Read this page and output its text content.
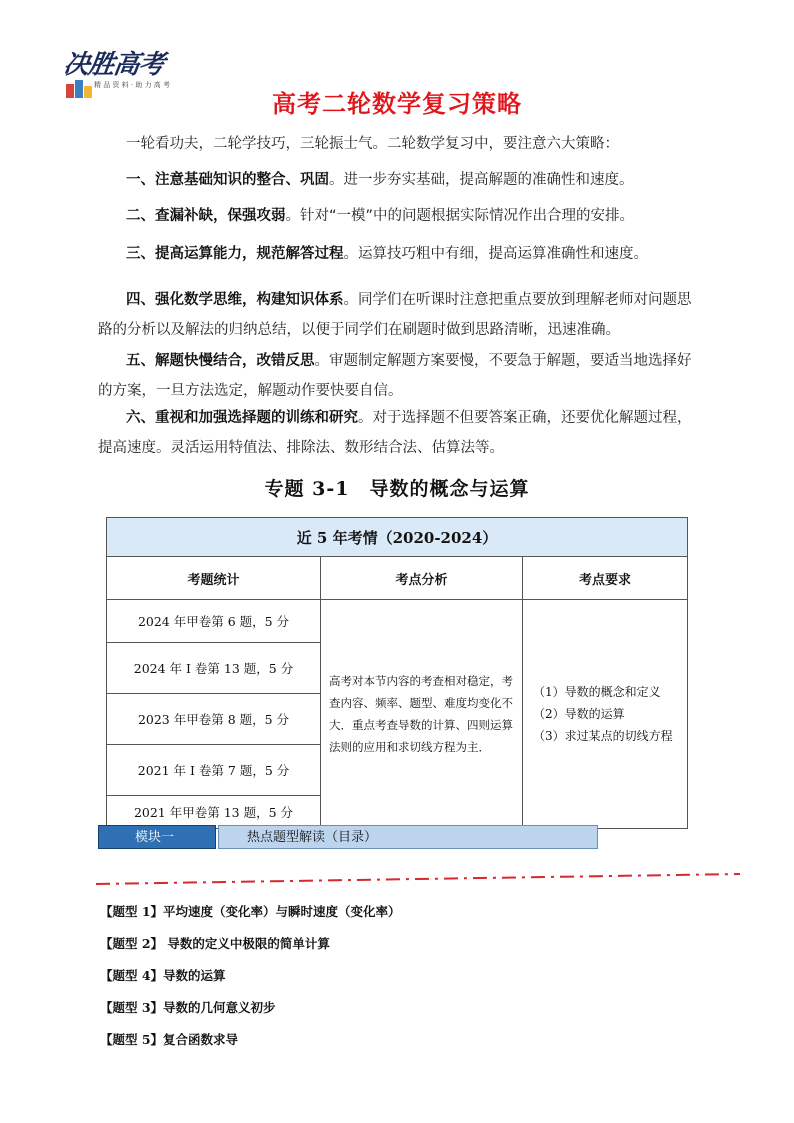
决胜高考
精 品 资 料 · 助 力 高 考
高考二轮数学复习策略
一轮看功夫，二轮学技巧，三轮振士气。二轮数学复习中，要注意六大策略：
一、注意基础知识的整合、巩固。进一步夯实基础，提高解题的准确性和速度。
二、查漏补缺，保强攻弱。针对“一模”中的问题根据实际情况作出合理的安排。
三、提高运算能力，规范解答过程。运算技巧粗中有细，提高运算准确性和速度。
四、强化数学思维，构建知识体系。同学们在听课时注意把重点要放到理解老师对问题思路的分析以及解法的归纳总结，以便于同学们在刷题时做到思路清晰，迅速准确。
五、解题快慢结合，改错反思。审题制定解题方案要慢，不要急于解题，要适当地选择好的方案，一旦方法选定，解题动作要快要自信。
六、重视和加强选择题的训练和研究。对于选择题不但要答案正确，还要优化解题过程，提高速度。灵活运用特值法、排除法、数形结合法、估算法等。
专题 3-1　导数的概念与运算
近 5 年考情（2020-2024）		
考题统计	考点分析	考点要求
2024 年甲卷第 6 题，5 分	高考对本节内容的考查相对稳定，考查内容、频率、题型、难度均变化不大．重点考查导数的计算、四则运算法则的应用和求切线方程为主．	（1）导数的概念和定义
（2）导数的运算
（3）求过某点的切线方程

2024 年 I 卷第 13 题，5 分		
2023 年甲卷第 8 题，5 分		
2021 年 I 卷第 7 题，5 分		
2021 年甲卷第 13 题，5 分		
模块一	热点题型解读（目录）
【题型 1】平均速度（变化率）与瞬时速度（变化率）
【题型 2】 导数的定义中极限的简单计算
【题型 4】导数的运算
【题型 3】导数的几何意义初步
【题型 5】复合函数求导
